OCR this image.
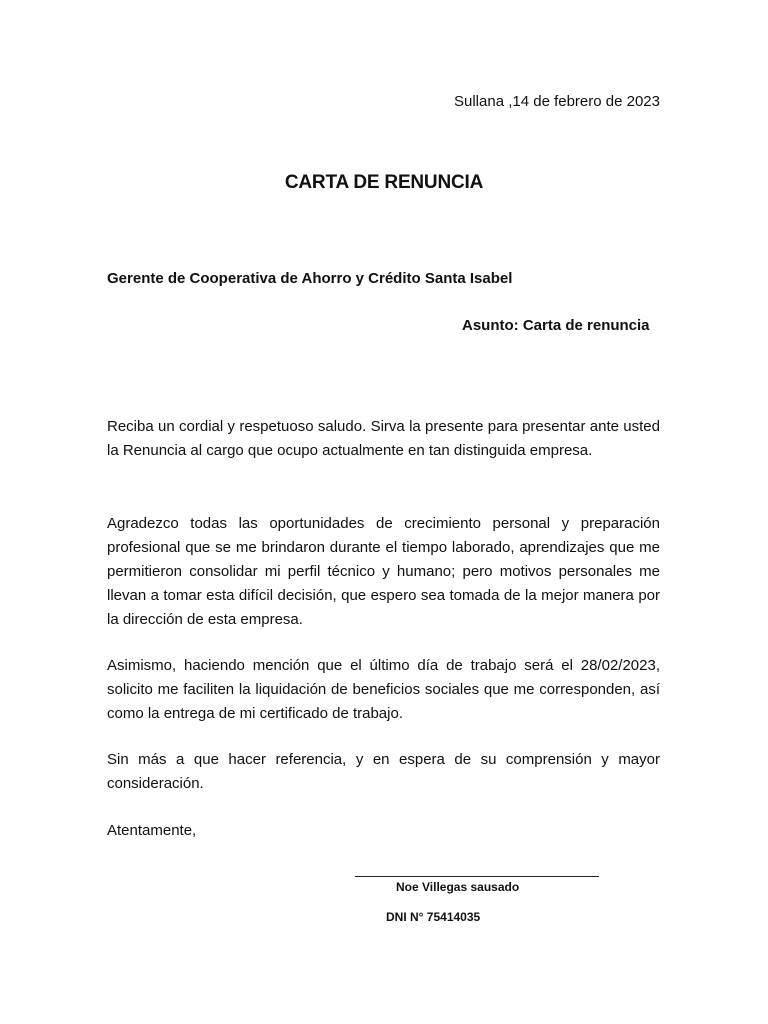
Sullana ,14 de febrero de 2023
CARTA DE RENUNCIA
Gerente de Cooperativa de Ahorro y Crédito Santa Isabel
Asunto: Carta de renuncia

Reciba un cordial y respetuoso saludo. Sirva la presente para presentar ante usted la Renuncia al cargo que ocupo actualmente en tan distinguida empresa.

Agradezco todas las oportunidades de crecimiento personal y preparación profesional que se me brindaron durante el tiempo laborado, aprendizajes que me permitieron consolidar mi perfil técnico y humano; pero motivos personales me llevan a tomar esta difícil decisión, que espero sea tomada de la mejor manera por la dirección de esta empresa.

Asimismo, haciendo mención que el último día de trabajo será el 28/02/2023, solicito me faciliten la liquidación de beneficios sociales que me corresponden, así como la entrega de mi certificado de trabajo.

Sin más a que hacer referencia, y en espera de su comprensión y mayor consideración.

Atentamente,
Noe Villegas sausado
DNI N° 75414035
